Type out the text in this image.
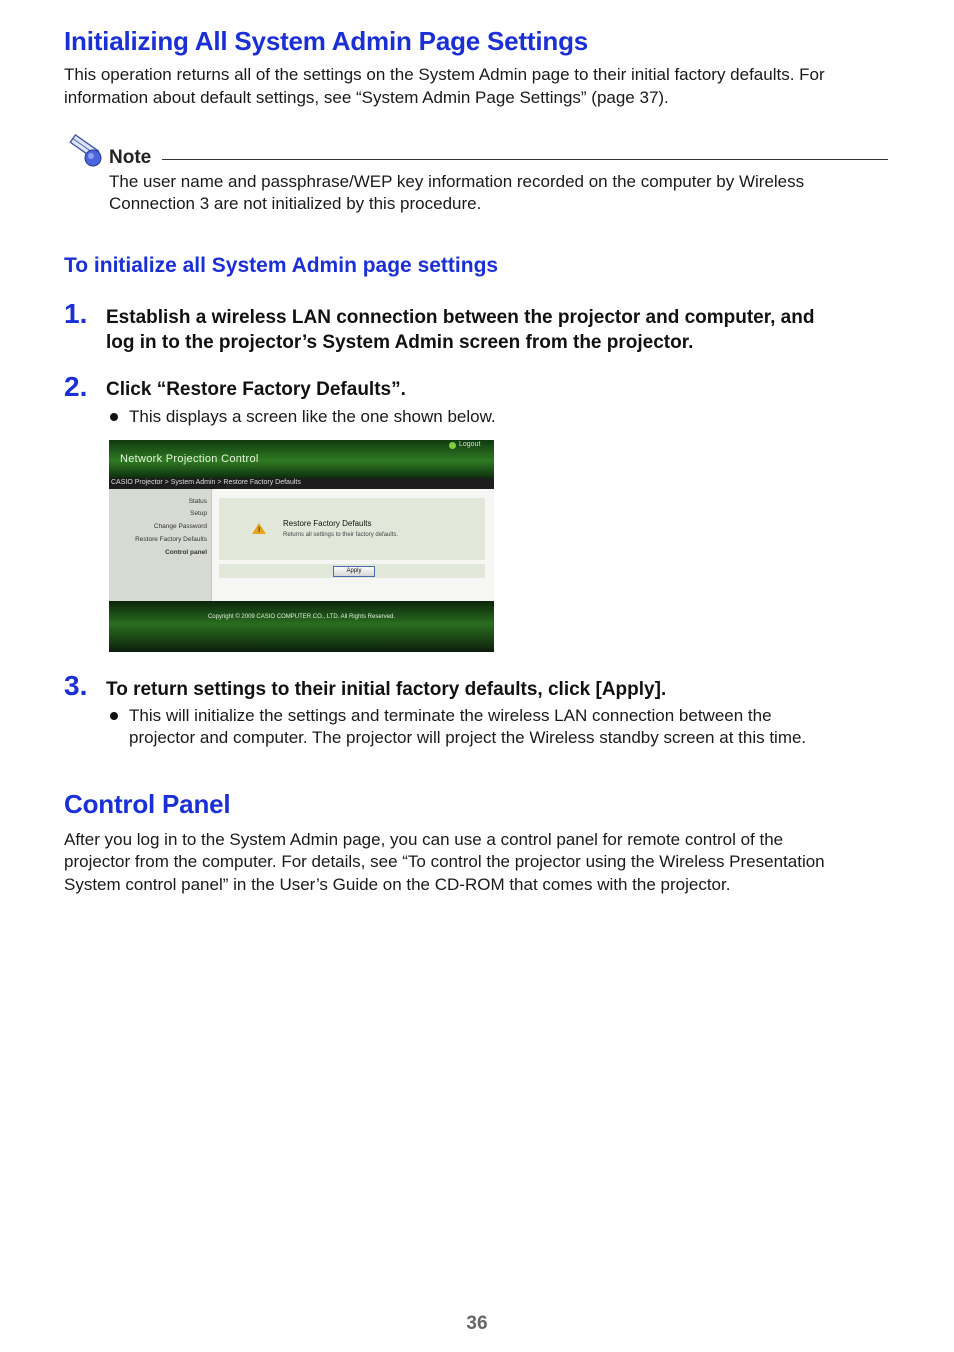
Initializing All System Admin Page Settings
This operation returns all of the settings on the System Admin page to their initial factory defaults. For
information about default settings, see “System Admin Page Settings” (page 37).
Note
The user name and passphrase/WEP key information recorded on the computer by Wireless
Connection 3 are not initialized by this procedure.
To initialize all System Admin page settings
1. Establish a wireless LAN connection between the projector and computer, and
log in to the projector’s System Admin screen from the projector.
2. Click “Restore Factory Defaults”.
This displays a screen like the one shown below.
Network Projection Control
CASIO Projector > System Admin > Restore Factory Defaults
Logout
Status
Setup
Change Password
Restore Factory Defaults
Control panel
!
Restore Factory Defaults
Returns all settings to their factory defaults.
Apply
Copyright © 2009 CASIO COMPUTER CO., LTD. All Rights Reserved.
3. To return settings to their initial factory defaults, click [Apply].
This will initialize the settings and terminate the wireless LAN connection between the
projector and computer. The projector will project the Wireless standby screen at this time.
Control Panel
After you log in to the System Admin page, you can use a control panel for remote control of the
projector from the computer. For details, see “To control the projector using the Wireless Presentation
System control panel” in the User’s Guide on the CD-ROM that comes with the projector.
36
